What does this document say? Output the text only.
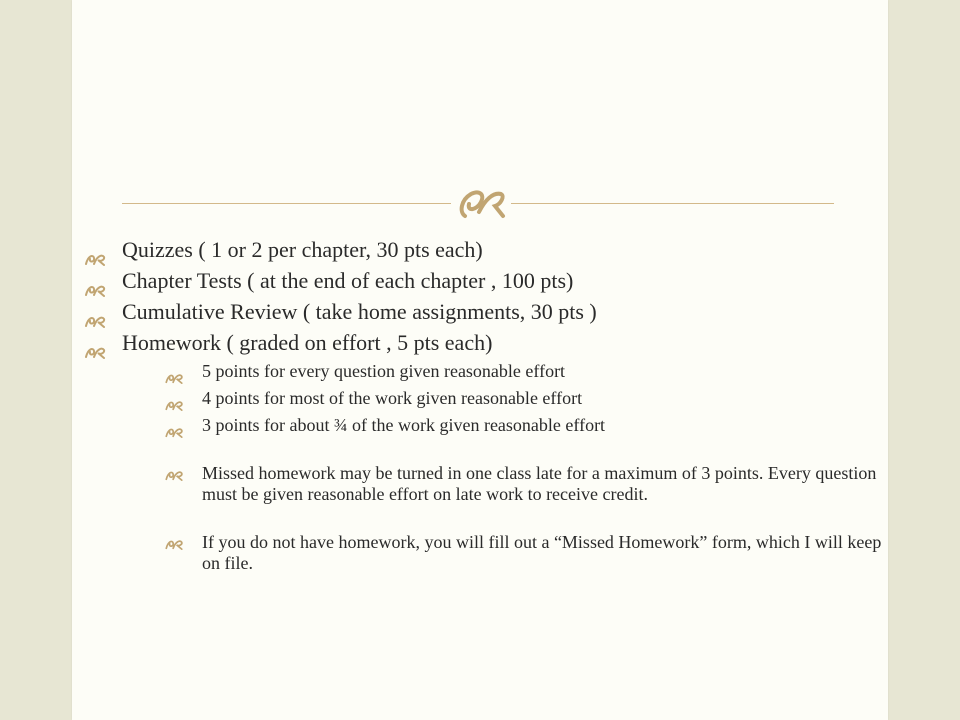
Quizzes ( 1 or 2 per chapter, 30 pts each)
Chapter Tests ( at the end of each chapter , 100 pts)
Cumulative Review ( take home assignments, 30 pts )
Homework ( graded on effort , 5 pts each)
5 points for every question given reasonable effort
4 points for most of the work given reasonable effort
3 points for about ¾ of the work given reasonable effort
Missed homework may be turned in one class late for a maximum of 3 points. Every question must be given reasonable effort on late work to receive credit.
If you do not have homework, you will fill out a “Missed Homework” form, which I will keep on file.
